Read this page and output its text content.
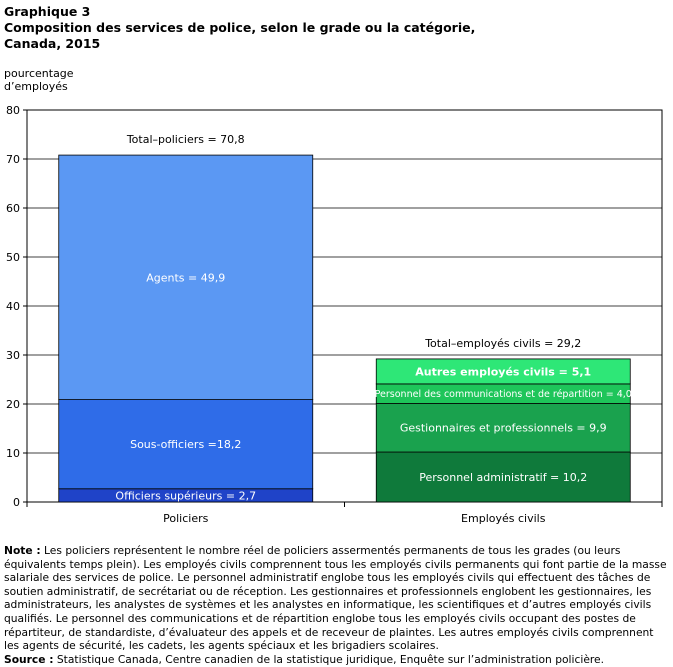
Graphique 3
Composition des services de police, selon le grade ou la catégorie,
Canada, 2015
pourcentage
d’employés
0
10
20
30
40
50
60
70
80
Officiers supérieurs = 2,7
Sous-officiers =18,2
Agents = 49,9
Total–policiers = 70,8
Policiers
Personnel administratif = 10,2
Gestionnaires et professionnels = 9,9
Personnel des communications et de répartition = 4,0
Autres employés civils = 5,1
Total–employés civils = 29,2
Employés civils
Note : Les policiers représentent le nombre réel de policiers assermentés permanents de tous les grades (ou leurs équivalents temps plein). Les employés civils comprennent tous les employés civils permanents qui font partie de la masse salariale des services de police. Le personnel administratif englobe tous les employés civils qui effectuent des tâches de soutien administratif, de secrétariat ou de réception. Les gestionnaires et professionnels englobent les gestionnaires, les administrateurs, les analystes de systèmes et les analystes en informatique, les scientifiques et d’autres employés civils qualifiés. Le personnel des communications et de répartition englobe tous les employés civils occupant des postes de répartiteur, de standardiste, d’évaluateur des appels et de receveur de plaintes. Les autres employés civils comprennent les agents de sécurité, les cadets, les agents spéciaux et les brigadiers scolaires.
Source : Statistique Canada, Centre canadien de la statistique juridique, Enquête sur l’administration policière.
